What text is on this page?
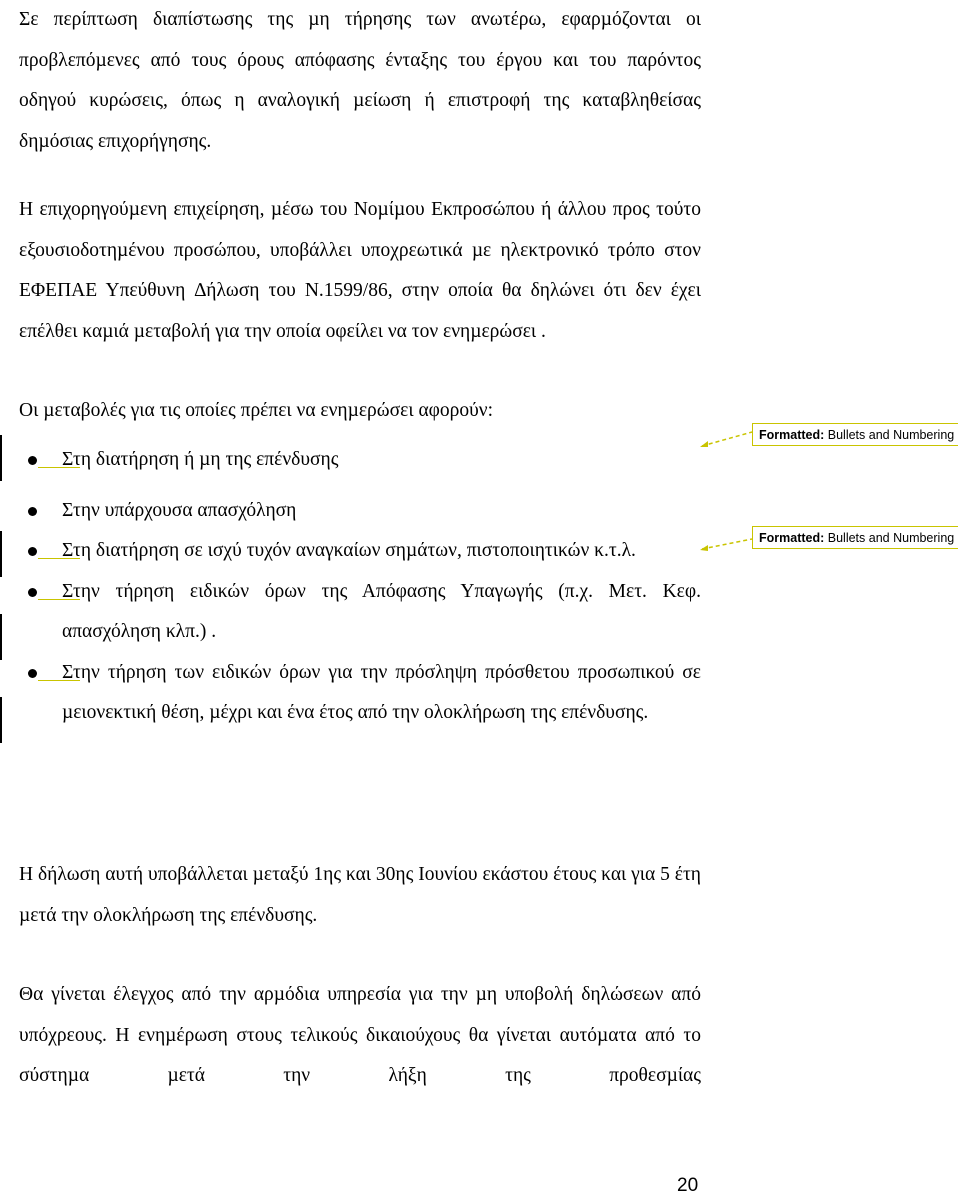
Σε περίπτωση διαπίστωσης της µη τήρησης των ανωτέρω, εφαρµόζονται οι προβλεπόµενες από τους όρους απόφασης ένταξης του έργου και του παρόντος οδηγού κυρώσεις, όπως η αναλογική µείωση ή επιστροφή της καταβληθείσας δηµόσιας επιχορήγησης.

Η επιχορηγούµενη επιχείρηση, µέσω του Νοµίµου Εκπροσώπου ή άλλου προς τούτο εξουσιοδοτηµένου προσώπου, υποβάλλει υποχρεωτικά µε ηλεκτρονικό τρόπο στον ΕΦΕΠΑΕ Υπεύθυνη ∆ήλωση του Ν.1599/86, στην οποία θα δηλώνει ότι δεν έχει επέλθει καµιά µεταβολή για την οποία οφείλει να τον ενηµερώσει .

Οι µεταβολές για τις οποίες πρέπει να ενηµερώσει αφορούν:

Στη διατήρηση ή µη της επένδυσης
Στην υπάρχουσα απασχόληση
Στη διατήρηση σε ισχύ τυχόν αναγκαίων σηµάτων, πιστοποιητικών κ.τ.λ.
Στην τήρηση ειδικών όρων της Απόφασης Υπαγωγής (π.χ. Μετ. Κεφ. απασχόληση κλπ.) .
Στην τήρηση των ειδικών όρων για την πρόσληψη πρόσθετου προσωπικού σε µειονεκτική θέση, µέχρι και ένα έτος από την ολοκλήρωση της επένδυσης.

Η δήλωση αυτή υποβάλλεται µεταξύ 1ης και 30ης Ιουνίου εκάστου έτους και για 5 έτη µετά την ολοκλήρωση της επένδυσης.

Θα γίνεται έλεγχος από την αρµόδια υπηρεσία για την µη υποβολή δηλώσεων από υπόχρεους. Η ενηµέρωση στους τελικούς δικαιούχους θα γίνεται αυτόµατα από το σύστηµα µετά την λήξη της προθεσµίας

Formatted: Bullets and Numbering
Formatted: Bullets and Numbering
20
